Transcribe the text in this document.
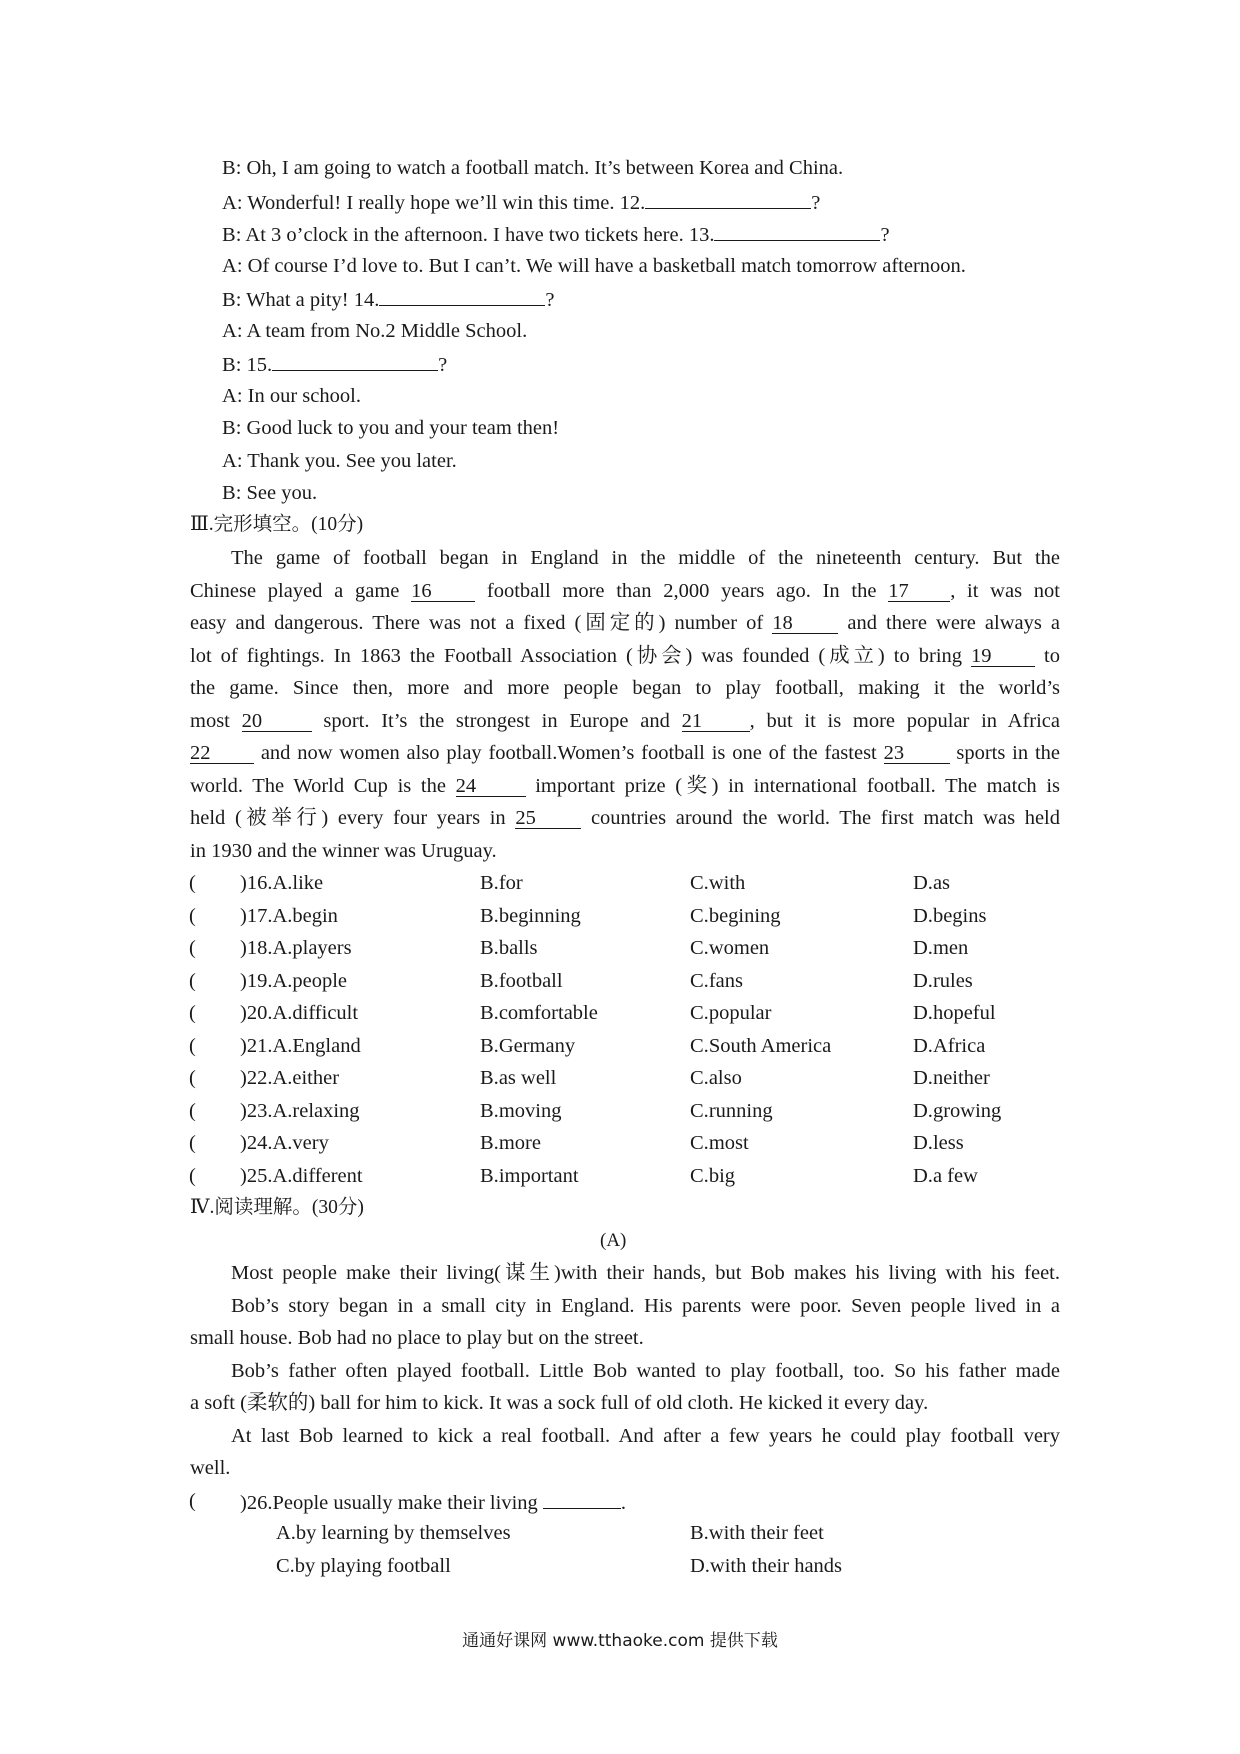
B: Oh, I am going to watch a football match. It’s between Korea and China.
A: Wonderful! I really hope we’ll win this time. 12.	?
B: At 3 o’clock in the afternoon. I have two tickets here. 13.	?
A: Of course I’d love to. But I can’t. We will have a basketball match tomorrow afternoon.
B: What a pity! 14.	?
A: A team from No.2 Middle School.
B: 15.	?
A: In our school.
B: Good luck to you and your team then!
A: Thank you. See you later.
B: See you.
Ⅲ.完形填空。(10分)
The game of football began in England in the middle of the nineteenth century. But the
Chinese played a game 16 football more than 2,000 years ago. In the 17 , it was not
easy and dangerous. There was not a fixed (固定的) number of 18 and there were always a
lot of fightings. In 1863 the Football Association (协会) was founded (成立) to bring 19 to
the game. Since then, more and more people began to play football, making it the world’s
most 20 sport. It’s the strongest in Europe and 21 , but it is more popular in Africa
22 and now women also play football.Women’s football is one of the fastest 23 sports in the
world. The World Cup is the 24 important prize (奖) in international football. The match is
held (被举行) every four years in 25 countries around the world. The first match was held
in 1930 and the winner was Uruguay.
( )16.A.like	B.for	C.with	D.as
( )17.A.begin	B.beginning	C.begining	D.begins
( )18.A.players	B.balls	C.women	D.men
( )19.A.people	B.football	C.fans	D.rules
( )20.A.difficult	B.comfortable	C.popular	D.hopeful
( )21.A.England	B.Germany	C.South America	D.Africa
( )22.A.either	B.as well	C.also	D.neither
( )23.A.relaxing	B.moving	C.running	D.growing
( )24.A.very	B.more	C.most	D.less
( )25.A.different	B.important	C.big	D.a few
Ⅳ.阅读理解。(30分)
(A)
Most people make their living(谋生)with their hands, but Bob makes his living with his feet.
Bob’s story began in a small city in England. His parents were poor. Seven people lived in a
small house. Bob had no place to play but on the street.
Bob’s father often played football. Little Bob wanted to play football, too. So his father made
a soft (柔软的) ball for him to kick. It was a sock full of old cloth. He kicked it every day.
At last Bob learned to kick a real football. And after a few years he could play football very
well.
( )26.People usually make their living	.
A.by learning by themselves	B.with their feet
C.by playing football	D.with their hands
通通好课网 www.tthaoke.com 提供下载
